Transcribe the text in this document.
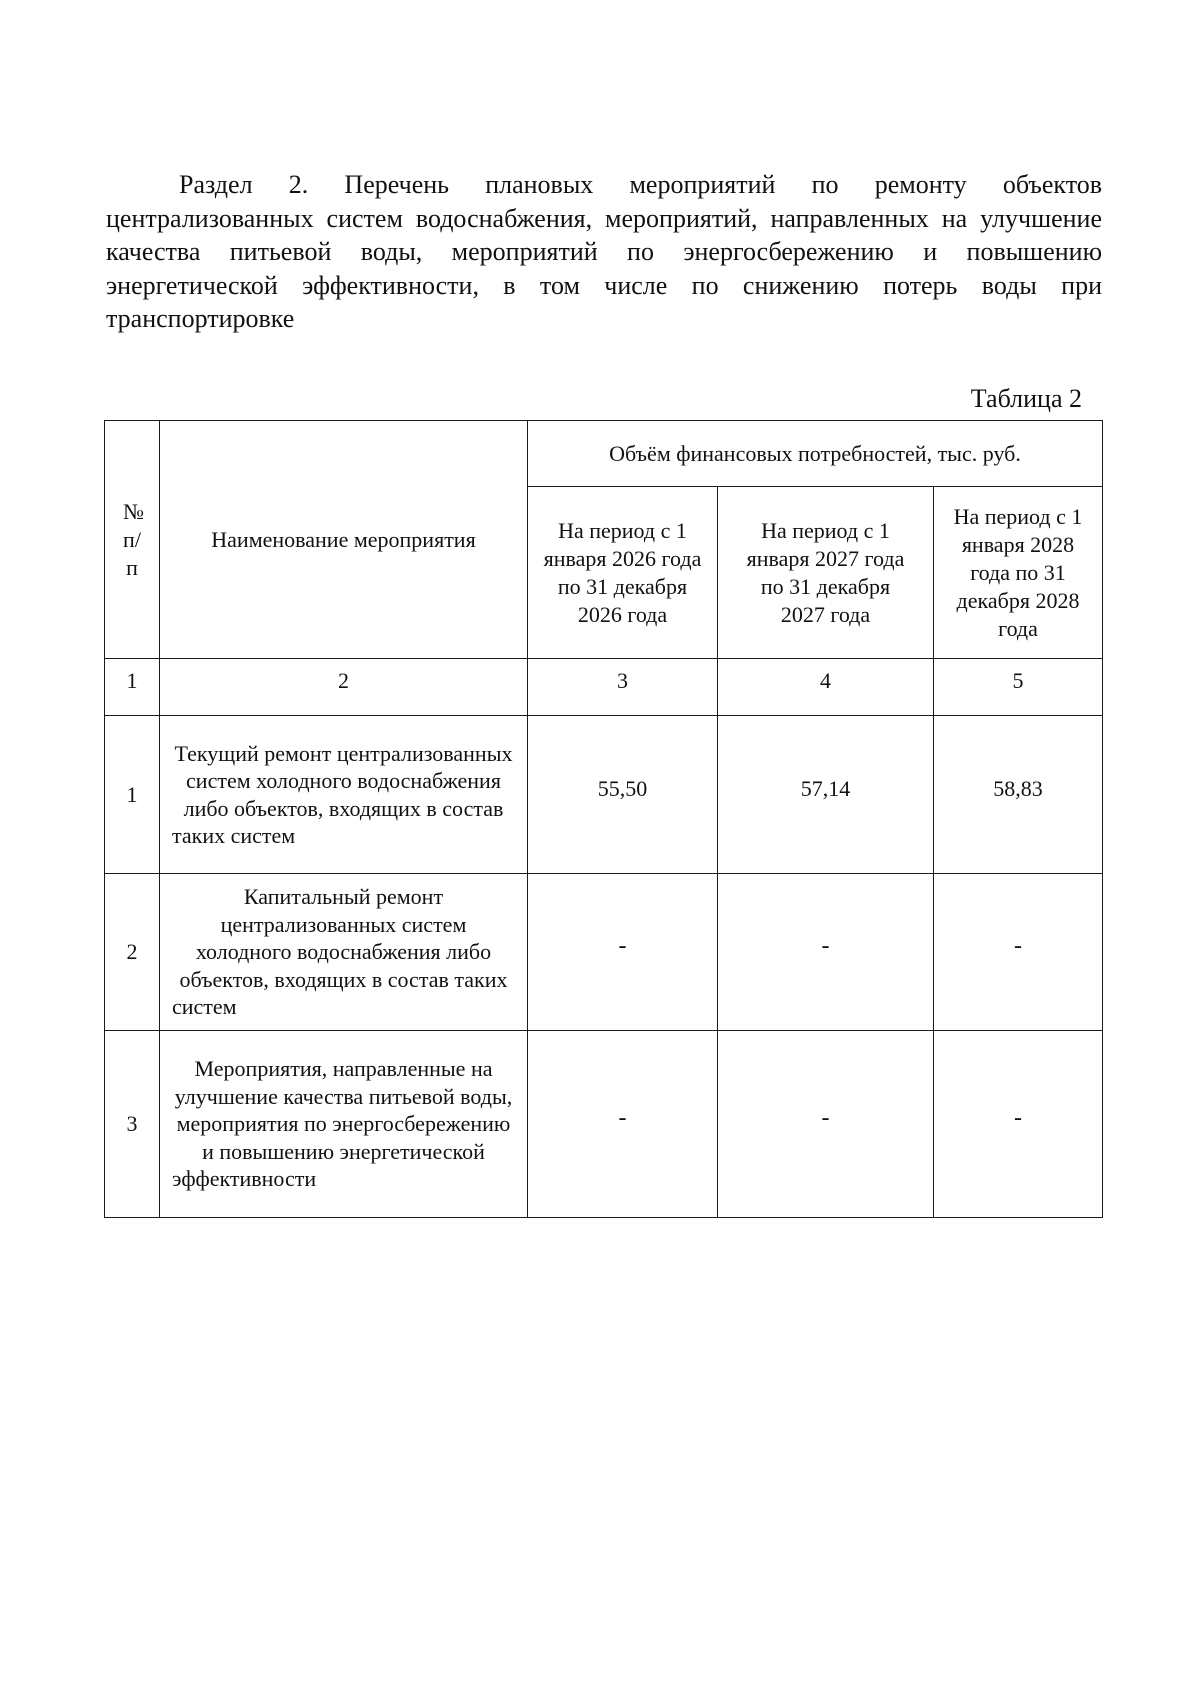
Раздел 2. Перечень плановых мероприятий по ремонту объектов централизованных систем водоснабжения, мероприятий, направленных на улучшение качества питьевой воды, мероприятий по энергосбережению и повышению энергетической эффективности, в том числе по снижению потерь воды при транспортировке

Таблица 2
№ п/п	Наименование мероприятия	Объём финансовых потребностей, тыс. руб.		
		На период с 1 января 2026 года по 31 декабря 2026 года	На период с 1 января 2027 года по 31 декабря 2027 года	На период с 1 января 2028 года по 31 декабря 2028 года
1	2	3	4	5
1	Текущий ремонт централизованных систем холодного водоснабжения либо объектов, входящих в состав таких систем	55,50	57,14	58,83
2	Капитальный ремонт централизованных систем холодного водоснабжения либо объектов, входящих в состав таких систем	-	-	-
3	Мероприятия, направленные на улучшение качества питьевой воды, мероприятия по энергосбережению и повышению энергетической эффективности	-	-	-
